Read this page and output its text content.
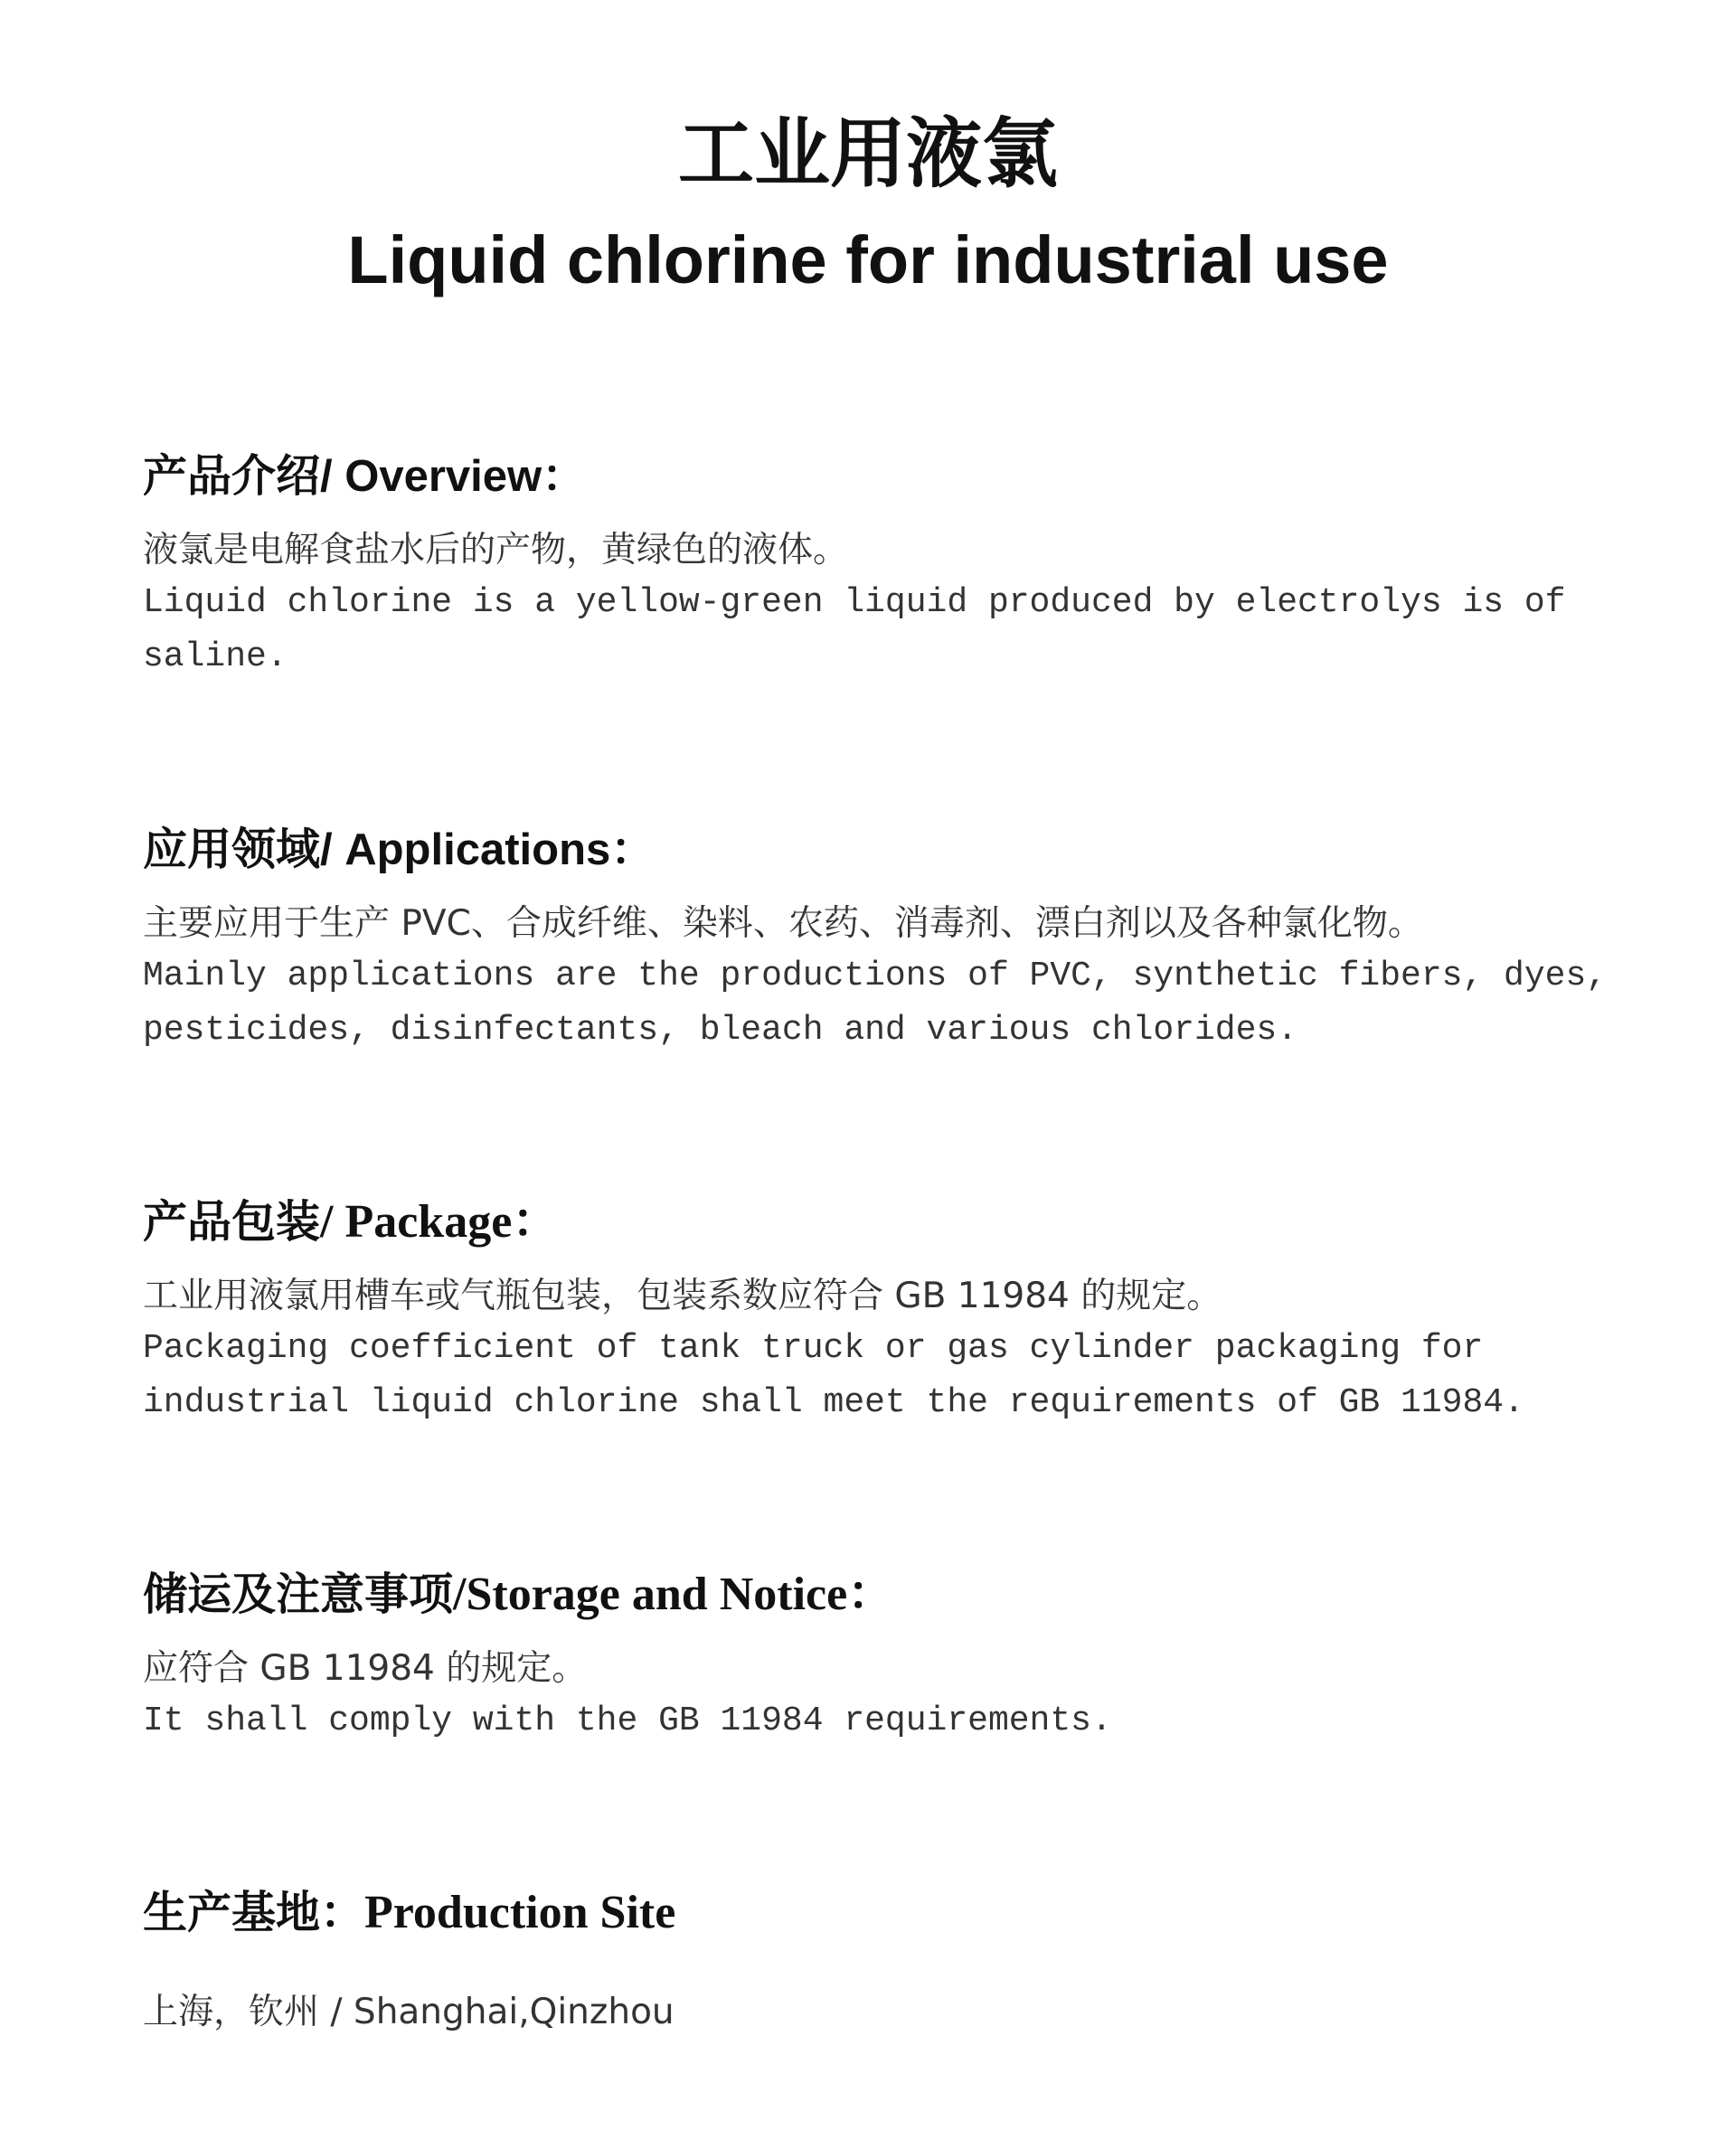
工业用液氯
Liquid chlorine for industrial use
产品介绍/ Overview：
液氯是电解食盐水后的产物，黄绿色的液体。
Liquid chlorine is a yellow-green liquid produced by electrolys is of saline.
应用领域/ Applications：
主要应用于生产 PVC、合成纤维、染料、农药、消毒剂、漂白剂以及各种氯化物。
Mainly applications are the productions of PVC, synthetic fibers, dyes, pesticides, disinfectants, bleach and various chlorides.
产品包装/ Package：
工业用液氯用槽车或气瓶包装，包装系数应符合 GB 11984 的规定。
Packaging coefficient of tank truck or gas cylinder packaging for industrial liquid chlorine shall meet the requirements of GB 11984.
储运及注意事项/Storage and Notice：
应符合 GB 11984 的规定。
It shall comply with the GB 11984 requirements.
生产基地：Production Site
上海，钦州 / Shanghai,Qinzhou
